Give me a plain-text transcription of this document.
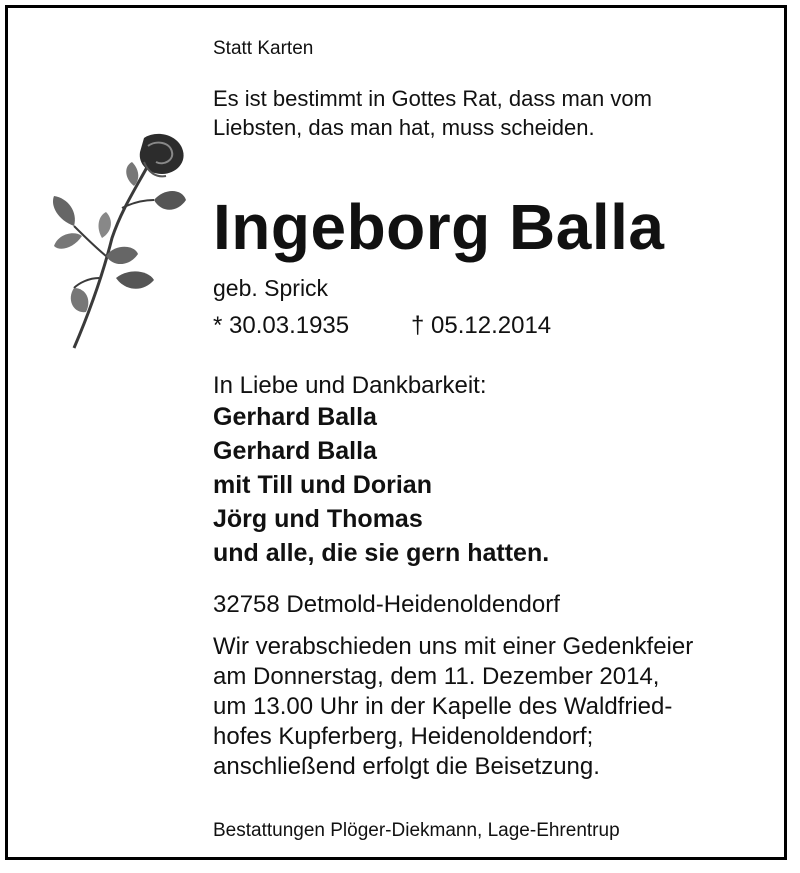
Statt Karten
Es ist bestimmt in Gottes Rat, dass man vom
Liebsten, das man hat, muss scheiden.
Ingeborg Balla
geb. Sprick
* 30.03.1935	† 05.12.2014
In Liebe und Dankbarkeit:
Gerhard Balla
Gerhard Balla
mit Till und Dorian
Jörg und Thomas
und alle, die sie gern hatten.
32758 Detmold-Heidenoldendorf
Wir verabschieden uns mit einer Gedenkfeier
am Donnerstag, dem 11. Dezember 2014,
um 13.00 Uhr in der Kapelle des Waldfried-
hofes Kupferberg, Heidenoldendorf;
anschließend erfolgt die Beisetzung.
Bestattungen Plöger-Diekmann, Lage-Ehrentrup
